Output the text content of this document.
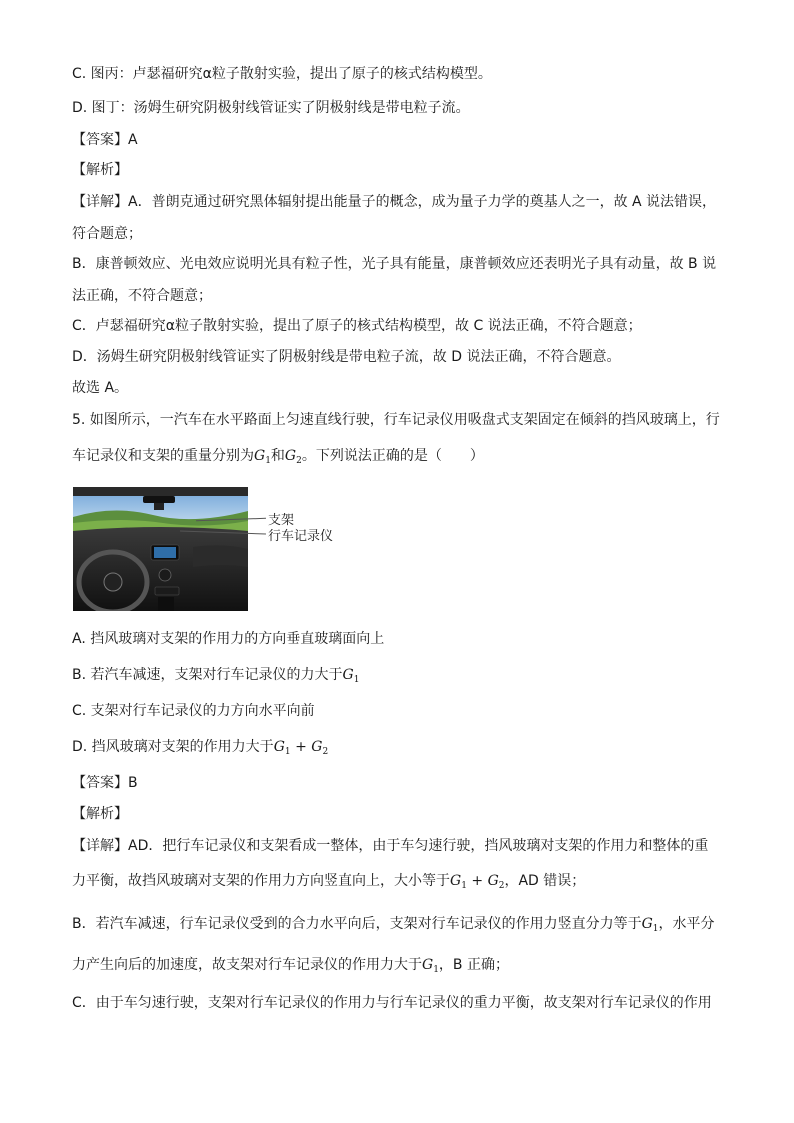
C. 图丙：卢瑟福研究α粒子散射实验，提出了原子的核式结构模型。
D. 图丁：汤姆生研究阴极射线管证实了阴极射线是带电粒子流。
【答案】A
【解析】
【详解】A．普朗克通过研究黑体辐射提出能量子的概念，成为量子力学的奠基人之一，故 A 说法错误，
符合题意；
B．康普顿效应、光电效应说明光具有粒子性，光子具有能量，康普顿效应还表明光子具有动量，故 B 说
法正确，不符合题意；
C．卢瑟福研究α粒子散射实验，提出了原子的核式结构模型，故 C 说法正确，不符合题意；
D．汤姆生研究阴极射线管证实了阴极射线是带电粒子流，故 D 说法正确，不符合题意。
故选 A。
5. 如图所示，一汽车在水平路面上匀速直线行驶，行车记录仪用吸盘式支架固定在倾斜的挡风玻璃上，行
车记录仪和支架的重量分别为$G_1$和$G_2$。下列说法正确的是（　　）
支架
行车记录仪
A. 挡风玻璃对支架的作用力的方向垂直玻璃面向上
B. 若汽车减速，支架对行车记录仪的力大于$G_1$
C. 支架对行车记录仪的力方向水平向前
D. 挡风玻璃对支架的作用力大于$G_1 + G_2$
【答案】B
【解析】
【详解】AD．把行车记录仪和支架看成一整体，由于车匀速行驶，挡风玻璃对支架的作用力和整体的重
力平衡，故挡风玻璃对支架的作用力方向竖直向上，大小等于$G_1 + G_2$，AD 错误；
B．若汽车减速，行车记录仪受到的合力水平向后，支架对行车记录仪的作用力竖直分力等于$G_1$，水平分
力产生向后的加速度，故支架对行车记录仪的作用力大于$G_1$，B 正确；
C．由于车匀速行驶，支架对行车记录仪的作用力与行车记录仪的重力平衡，故支架对行车记录仪的作用
